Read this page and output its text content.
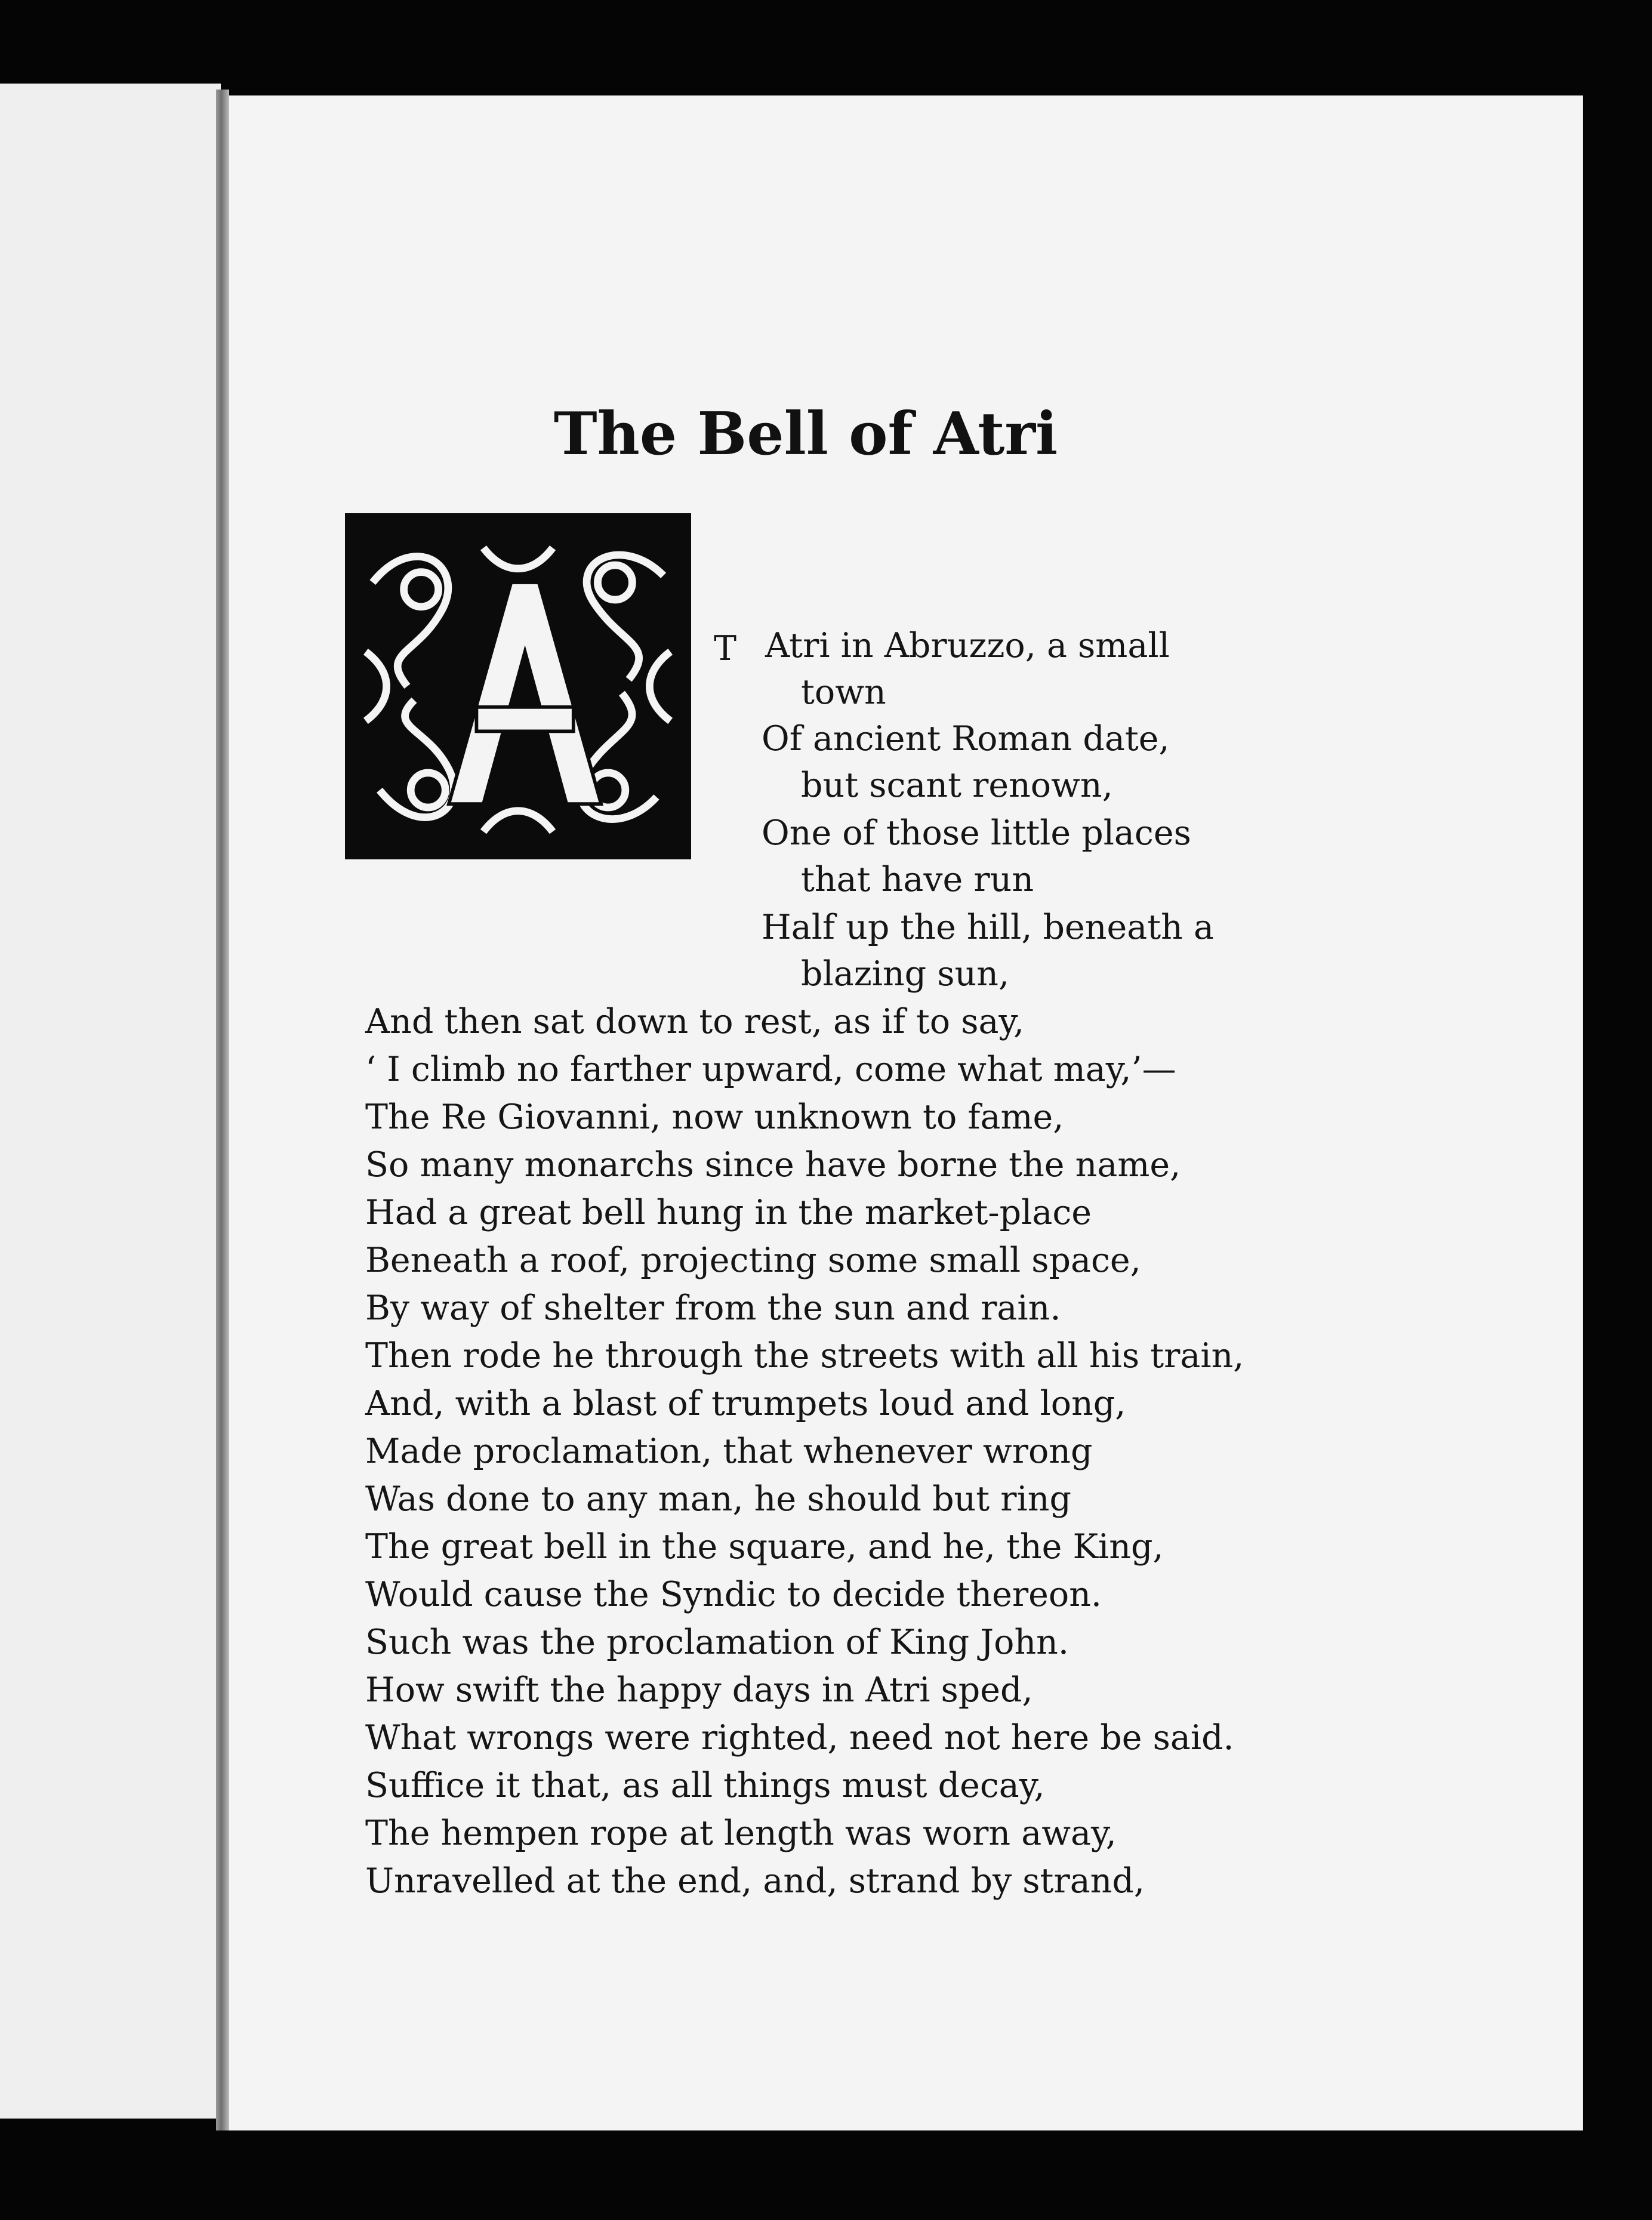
The Bell of Atri
T Atri in Abruzzo, a small
town
Of ancient Roman date,
but scant renown,
One of those little places
that have run
Half up the hill, beneath a
blazing sun,
And then sat down to rest, as if to say,
‘ I climb no farther upward, come what may,’—
The Re Giovanni, now unknown to fame,
So many monarchs since have borne the name,
Had a great bell hung in the market-place
Beneath a roof, projecting some small space,
By way of shelter from the sun and rain.
Then rode he through the streets with all his train,
And, with a blast of trumpets loud and long,
Made proclamation, that whenever wrong
Was done to any man, he should but ring
The great bell in the square, and he, the King,
Would cause the Syndic to decide thereon.
Such was the proclamation of King John.
How swift the happy days in Atri sped,
What wrongs were righted, need not here be said.
Suffice it that, as all things must decay,
The hempen rope at length was worn away,
Unravelled at the end, and, strand by strand,
